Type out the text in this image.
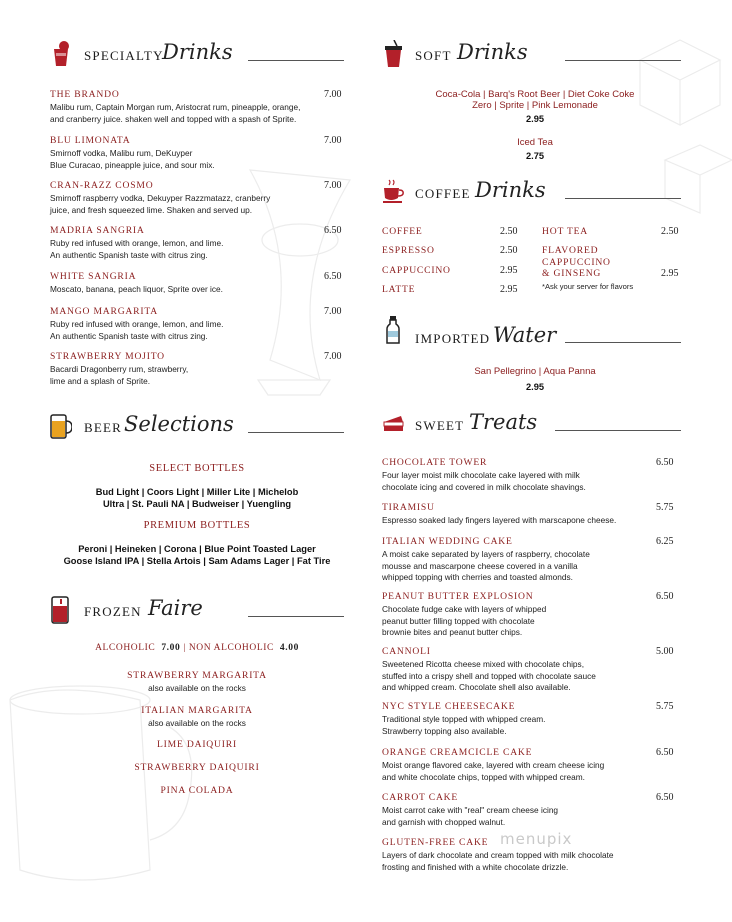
SPECIALTY
Drinks
THE BRANDO	7.00
Malibu rum, Captain Morgan rum, Aristocrat rum, pineapple, orange,
and cranberry juice. shaken well and topped with a spash of Sprite.
BLU LIMONATA	7.00
Smirnoff vodka, Malibu rum, DeKuyper
Blue Curacao, pineapple juice, and sour mix.
CRAN-RAZZ COSMO	7.00
Smirnoff raspberry vodka, Dekuyper Razzmatazz, cranberry
juice, and fresh squeezed lime. Shaken and served up.
MADRIA SANGRIA	6.50
Ruby red infused with orange, lemon, and lime.
An authentic Spanish taste with citrus zing.
WHITE SANGRIA	6.50
Moscato, banana, peach liquor, Sprite over ice.
MANGO MARGARITA	7.00
Ruby red infused with orange, lemon, and lime.
An authentic Spanish taste with citrus zing.
STRAWBERRY MOJITO	7.00
Bacardi Dragonberry rum, strawberry,
lime and a splash of Sprite.
BEER Selections
SELECT BOTTLES
Bud Light | Coors Light | Miller Lite | Michelob
Ultra | St. Pauli NA | Budweiser | Yuengling
PREMIUM BOTTLES
Peroni | Heineken | Corona | Blue Point Toasted Lager
Goose Island IPA | Stella Artois | Sam Adams Lager | Fat Tire
FROZEN Faire
ALCOHOLIC 7.00 | NON ALCOHOLIC 4.00
STRAWBERRY MARGARITA
also available on the rocks
ITALIAN MARGARITA
also available on the rocks
LIME DAIQUIRI
STRAWBERRY DAIQUIRI
PINA COLADA
SOFT Drinks
Coca-Cola | Barq's Root Beer | Diet Coke Coke
Zero | Sprite | Pink Lemonade
2.95
Iced Tea
2.75
COFFEE Drinks
COFFEE	2.50
ESPRESSO	2.50
CAPPUCCINO	2.95
LATTE	2.95
HOT TEA	2.50
FLAVORED
CAPPUCCINO
& GINSENG	2.95
*Ask your server for flavors
IMPORTED Water
San Pellegrino | Aqua Panna
2.95
SWEET Treats
CHOCOLATE TOWER	6.50
Four layer moist milk chocolate cake layered with milk
chocolate icing and covered in milk chocolate shavings.
TIRAMISU	5.75
Espresso soaked lady fingers layered with marscapone cheese.
ITALIAN WEDDING CAKE	6.25
A moist cake separated by layers of raspberry, chocolate
mousse and mascarpone cheese covered in a vanilla
whipped topping with cherries and toasted almonds.
PEANUT BUTTER EXPLOSION	6.50
Chocolate fudge cake with layers of whipped
peanut butter filling topped with chocolate
brownie bites and peanut butter chips.
CANNOLI	5.00
Sweetened Ricotta cheese mixed with chocolate chips,
stuffed into a crispy shell and topped with chocolate sauce
and whipped cream. Chocolate shell also available.
NYC STYLE CHEESECAKE	5.75
Traditional style topped with whipped cream.
Strawberry topping also available.
ORANGE CREAMCICLE CAKE	6.50
Moist orange flavored cake, layered with cream cheese icing
and white chocolate chips, topped with whipped cream.
CARROT CAKE	6.50
Moist carrot cake with "real" cream cheese icing
and garnish with chopped walnut.
GLUTEN-FREE CAKE
Layers of dark chocolate and cream topped with milk chocolate
frosting and finished with a white chocolate drizzle.
menupix
